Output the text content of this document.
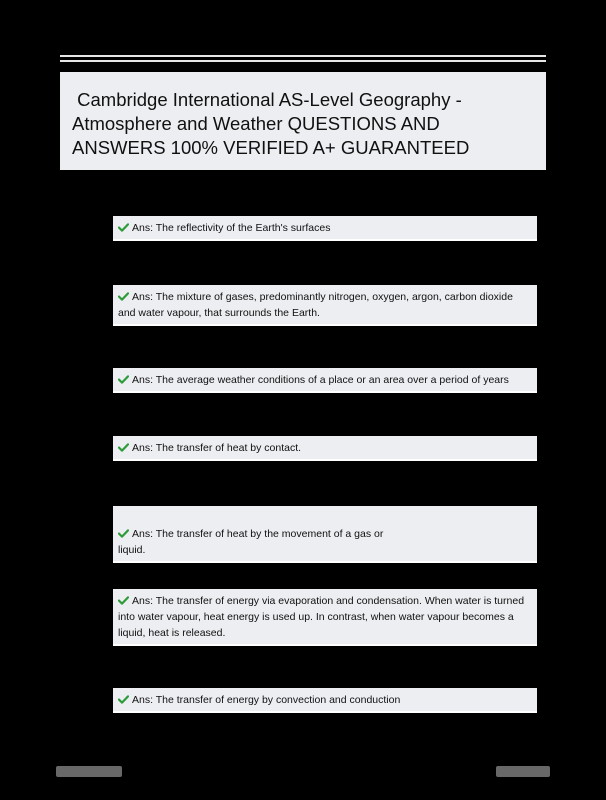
Cambridge International AS-Level Geography - Atmosphere and Weather QUESTIONS AND ANSWERS 100% VERIFIED A+ GUARANTEED
Ans: The reflectivity of the Earth's surfaces
Ans: The mixture of gases, predominantly nitrogen, oxygen, argon, carbon dioxide and water vapour, that surrounds the Earth.
Ans: The average weather conditions of a place or an area over a period of years
Ans: The transfer of heat by contact.

Ans: The transfer of heat by the movement of a gas or
liquid.

Ans: The transfer of energy via evaporation and condensation. When water is turned into water vapour, heat energy is used up. In contrast, when water vapour becomes a liquid, heat is released.
Ans: The transfer of energy by convection and conduction
